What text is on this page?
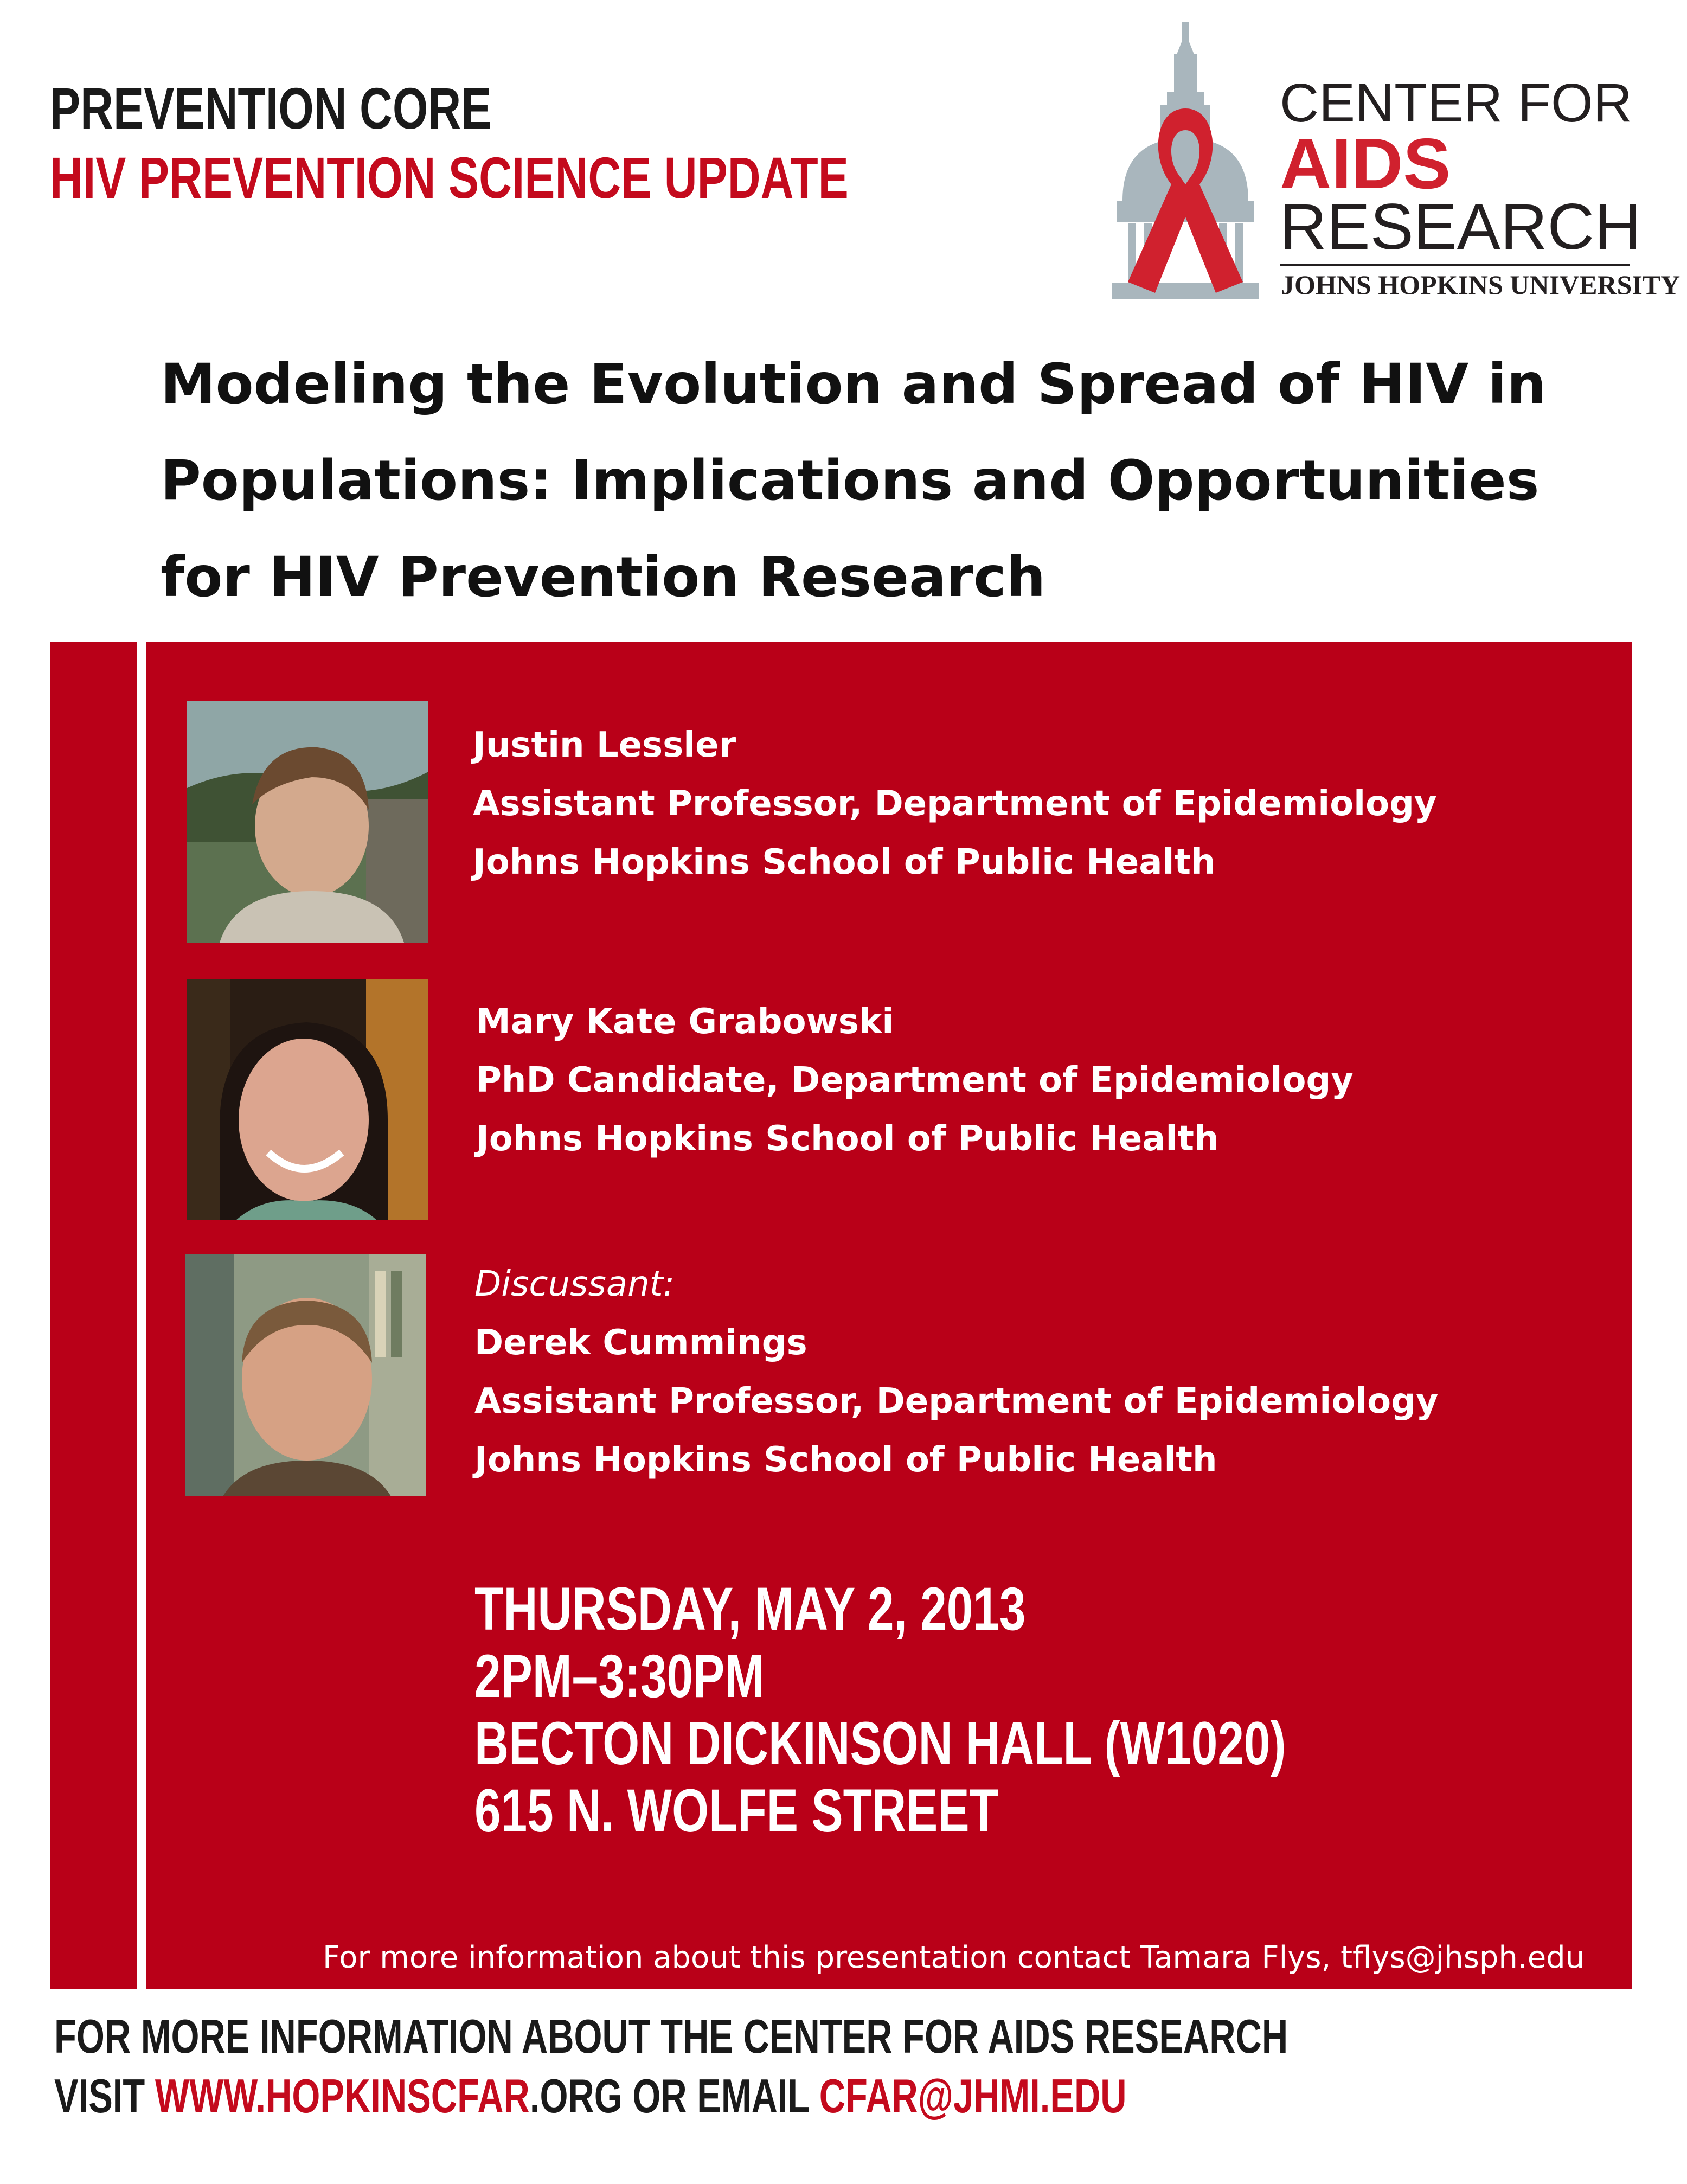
PREVENTION CORE

HIV PREVENTION SCIENCE UPDATE

CENTER FOR

AIDS

RESEARCH

JOHNS HOPKINS UNIVERSITY

Modeling the Evolution and Spread of HIV in Populations: Implications and Opportunities for HIV Prevention Research
Justin Lessler
Assistant Professor, Department of Epidemiology
Johns Hopkins School of Public Health
Mary Kate Grabowski
PhD Candidate, Department of Epidemiology
Johns Hopkins School of Public Health
Discussant:
Derek Cummings
Assistant Professor, Department of Epidemiology
Johns Hopkins School of Public Health
THURSDAY, MAY 2, 2013
2PM–3:30PM
BECTON DICKINSON HALL (W1020)
615 N. WOLFE STREET

For more information about this presentation contact Tamara Flys, tflys@jhsph.edu

FOR MORE INFORMATION ABOUT THE CENTER FOR AIDS RESEARCH

VISIT WWW.HOPKINSCFAR.ORG OR EMAIL CFAR@JHMI.EDU
